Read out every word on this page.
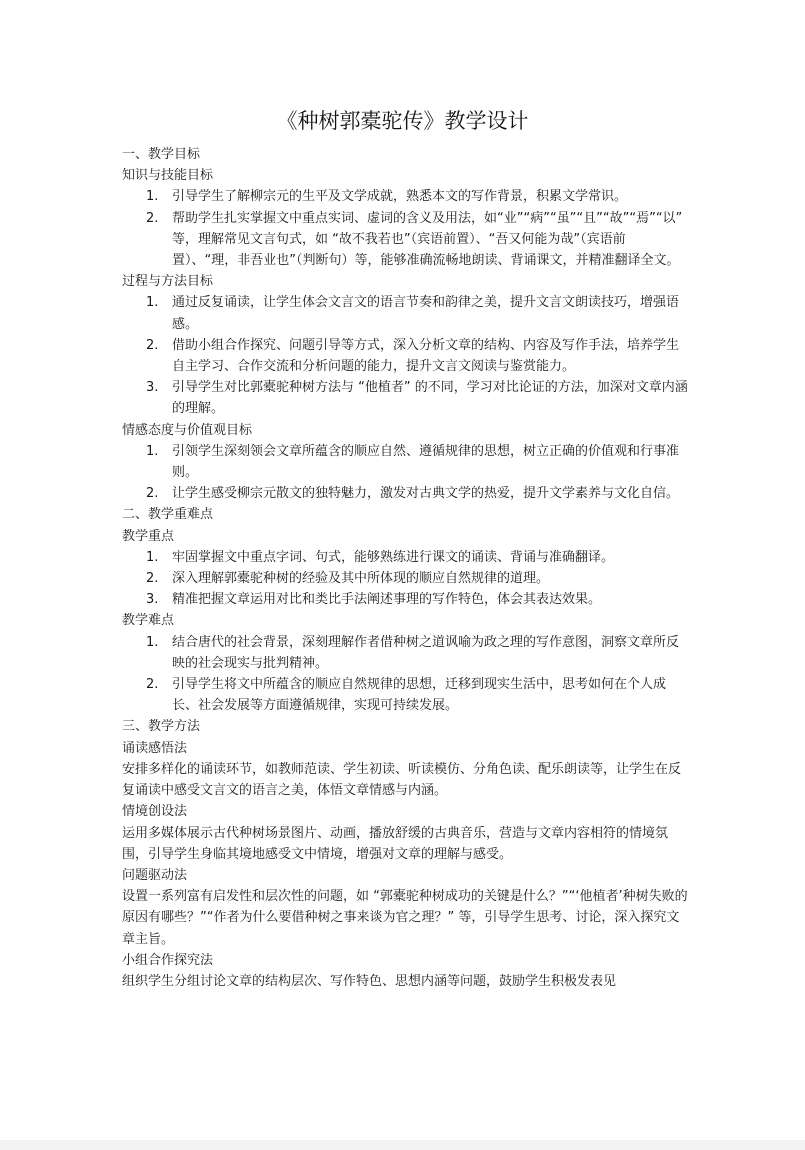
《种树郭橐驼传》教学设计
一、教学目标
知识与技能目标
1. 引导学生了解柳宗元的生平及文学成就，熟悉本文的写作背景，积累文学常识。
2. 帮助学生扎实掌握文中重点实词、虚词的含义及用法，如“业”“病”“虽”“且”“故”“焉”“以” 等，理解常见文言句式，如 “故不我若也”（宾语前置）、“吾又何能为哉”（宾语前置）、“理，非吾业也”（判断句）等，能够准确流畅地朗读、背诵课文，并精准翻译全文。
过程与方法目标
1. 通过反复诵读，让学生体会文言文的语言节奏和韵律之美，提升文言文朗读技巧，增强语感。
2. 借助小组合作探究、问题引导等方式，深入分析文章的结构、内容及写作手法，培养学生自主学习、合作交流和分析问题的能力，提升文言文阅读与鉴赏能力。
3. 引导学生对比郭橐驼种树方法与 “他植者” 的不同，学习对比论证的方法，加深对文章内涵的理解。
情感态度与价值观目标
1. 引领学生深刻领会文章所蕴含的顺应自然、遵循规律的思想，树立正确的价值观和行事准则。
2. 让学生感受柳宗元散文的独特魅力，激发对古典文学的热爱，提升文学素养与文化自信。
二、教学重难点
教学重点
1. 牢固掌握文中重点字词、句式，能够熟练进行课文的诵读、背诵与准确翻译。
2. 深入理解郭橐驼种树的经验及其中所体现的顺应自然规律的道理。
3. 精准把握文章运用对比和类比手法阐述事理的写作特色，体会其表达效果。
教学难点
1. 结合唐代的社会背景，深刻理解作者借种树之道讽喻为政之理的写作意图，洞察文章所反映的社会现实与批判精神。
2. 引导学生将文中所蕴含的顺应自然规律的思想，迁移到现实生活中，思考如何在个人成长、社会发展等方面遵循规律，实现可持续发展。
三、教学方法
诵读感悟法
安排多样化的诵读环节，如教师范读、学生初读、听读模仿、分角色读、配乐朗读等，让学生在反复诵读中感受文言文的语言之美，体悟文章情感与内涵。
情境创设法
运用多媒体展示古代种树场景图片、动画，播放舒缓的古典音乐，营造与文章内容相符的情境氛围，引导学生身临其境地感受文中情境，增强对文章的理解与感受。
问题驱动法
设置一系列富有启发性和层次性的问题，如 “郭橐驼种树成功的关键是什么？”“‘他植者’种树失败的原因有哪些？”“作者为什么要借种树之事来谈为官之理？” 等，引导学生思考、讨论，深入探究文章主旨。
小组合作探究法
组织学生分组讨论文章的结构层次、写作特色、思想内涵等问题，鼓励学生积极发表见
